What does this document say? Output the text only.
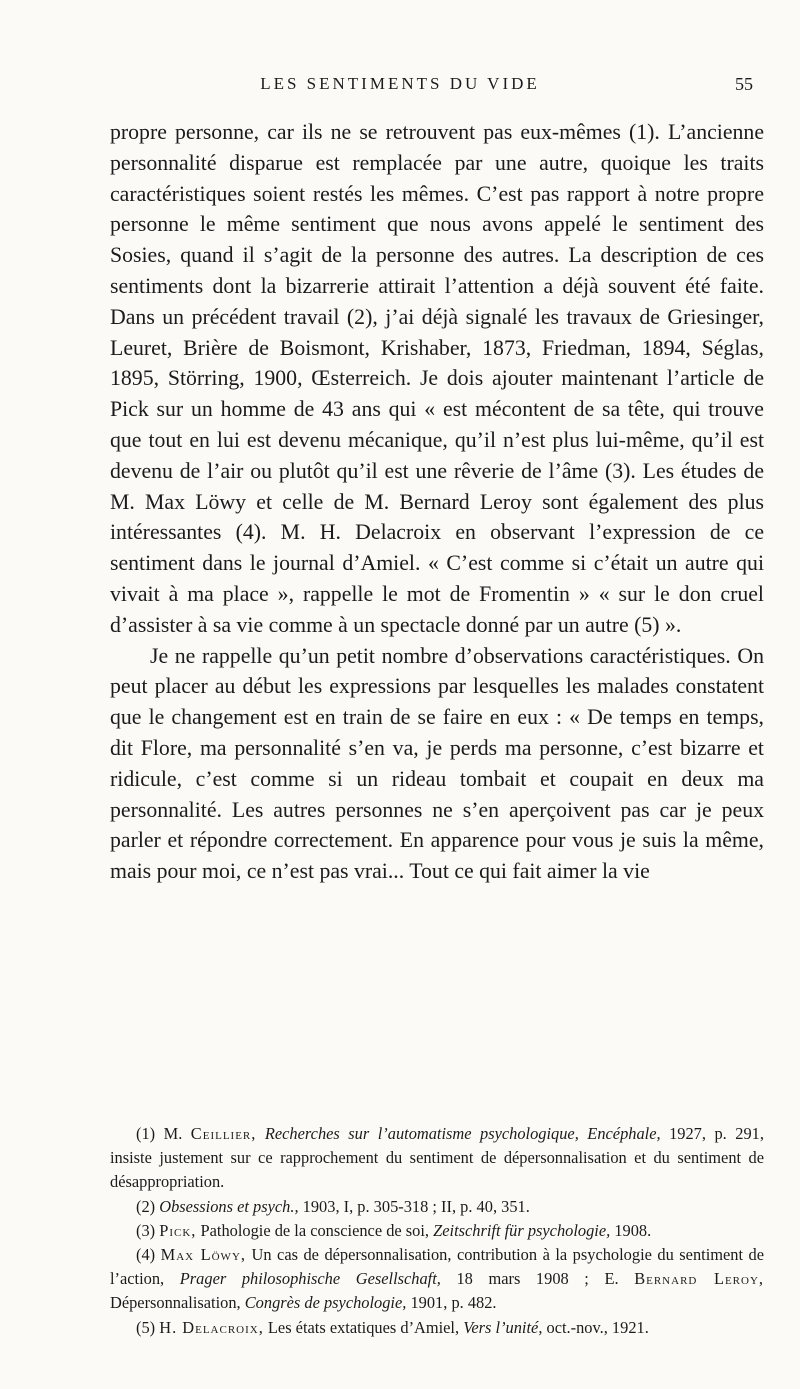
LES SENTIMENTS DU VIDE	55

propre personne, car ils ne se retrouvent pas eux-mêmes (1). L’ancienne personnalité disparue est remplacée par une autre, quoique les traits caractéristiques soient restés les mêmes. C’est pas rapport à notre propre personne le même sentiment que nous avons appelé le sentiment des Sosies, quand il s’agit de la personne des autres. La description de ces sentiments dont la bizarrerie attirait l’attention a déjà souvent été faite. Dans un précédent travail (2), j’ai déjà signalé les travaux de Griesinger, Leuret, Brière de Boismont, Krishaber, 1873, Friedman, 1894, Séglas, 1895, Störring, 1900, Œsterreich. Je dois ajouter maintenant l’article de Pick sur un homme de 43 ans qui « est mécontent de sa tête, qui trouve que tout en lui est devenu mécanique, qu’il n’est plus lui-même, qu’il est devenu de l’air ou plutôt qu’il est une rêverie de l’âme (3). Les études de M. Max Löwy et celle de M. Bernard Leroy sont également des plus intéressantes (4). M. H. Delacroix en observant l’expression de ce sentiment dans le journal d’Amiel. « C’est comme si c’était un autre qui vivait à ma place », rappelle le mot de Fromentin » « sur le don cruel d’assister à sa vie comme à un spectacle donné par un autre (5) ».

Je ne rappelle qu’un petit nombre d’observations caractéristiques. On peut placer au début les expressions par lesquelles les malades constatent que le changement est en train de se faire en eux : « De temps en temps, dit Flore, ma personnalité s’en va, je perds ma personne, c’est bizarre et ridicule, c’est comme si un rideau tombait et coupait en deux ma personnalité. Les autres personnes ne s’en aperçoivent pas car je peux parler et répondre correctement. En apparence pour vous je suis la même, mais pour moi, ce n’est pas vrai... Tout ce qui fait aimer la vie

(1) M. Ceillier, Recherches sur l’automatisme psychologique, Encéphale, 1927, p. 291, insiste justement sur ce rapprochement du sentiment de dépersonnalisation et du sentiment de désappropriation.

(2) Obsessions et psych., 1903, I, p. 305-318 ; II, p. 40, 351.

(3) Pick, Pathologie de la conscience de soi, Zeitschrift für psychologie, 1908.

(4) Max Löwy, Un cas de dépersonnalisation, contribution à la psychologie du sentiment de l’action, Prager philosophische Gesellschaft, 18 mars 1908 ; E. Bernard Leroy, Dépersonnalisation, Congrès de psychologie, 1901, p. 482.

(5) H. Delacroix, Les états extatiques d’Amiel, Vers l’unité, oct.-nov., 1921.
